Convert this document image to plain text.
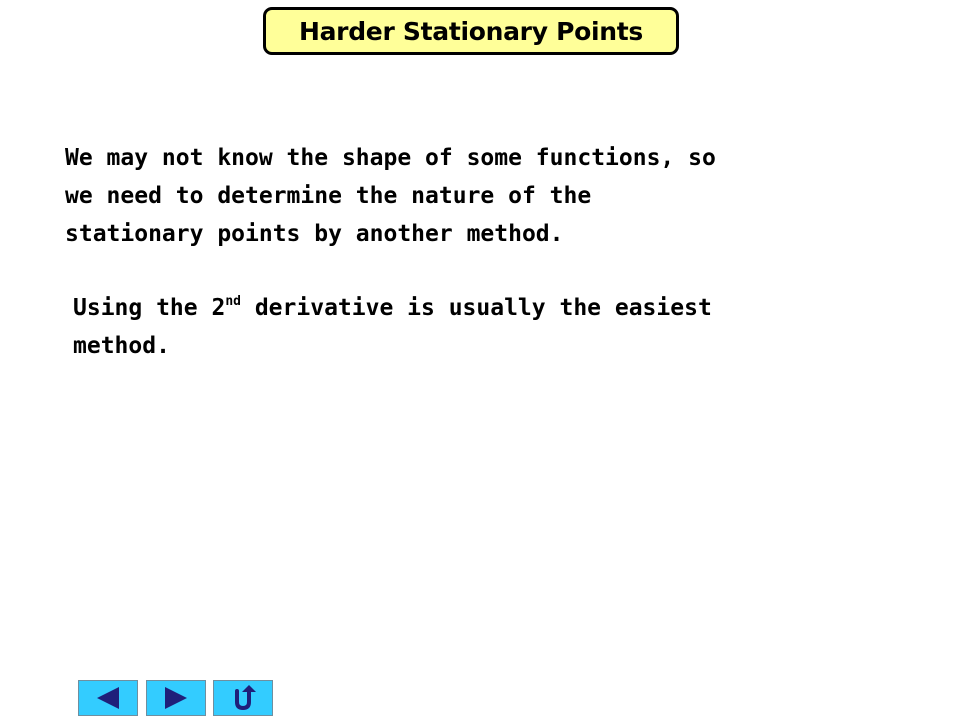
Harder Stationary Points

We may not know the shape of some functions, so
we need to determine the nature of the
stationary points by another method.

Using the 2nd derivative is usually the easiest
method.
